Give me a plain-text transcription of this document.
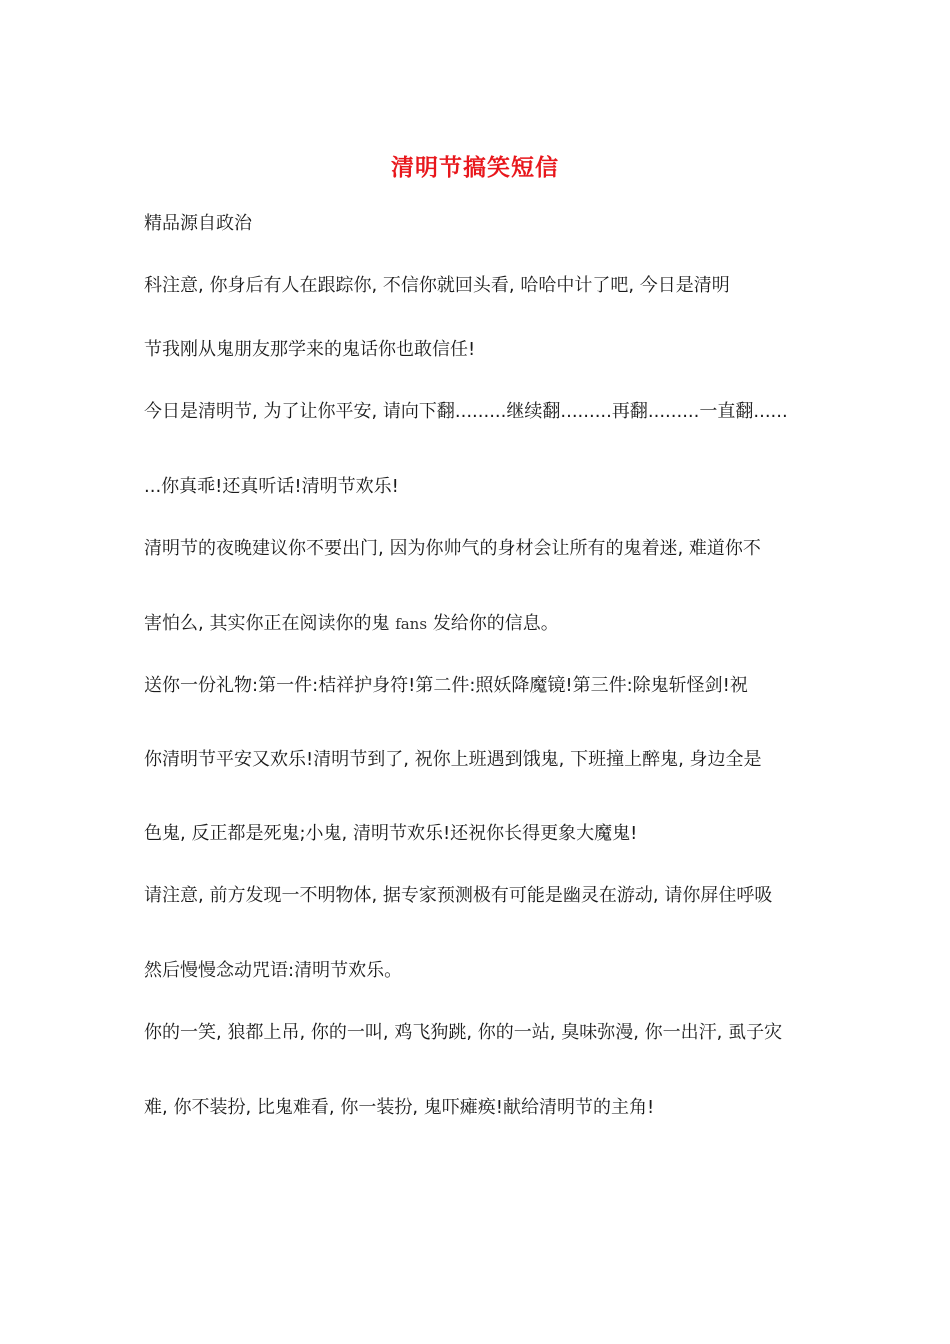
清明节搞笑短信
精品源自政治
科注意, 你身后有人在跟踪你, 不信你就回头看, 哈哈中计了吧, 今日是清明
节我刚从鬼朋友那学来的鬼话你也敢信任!
今日是清明节, 为了让你平安, 请向下翻.........继续翻.........再翻.........一直翻......
...你真乖!还真听话!清明节欢乐!
清明节的夜晚建议你不要出门, 因为你帅气的身材会让所有的鬼着迷, 难道你不
害怕么, 其实你正在阅读你的鬼 fans 发给你的信息。
送你一份礼物:第一件:桔祥护身符!第二件:照妖降魔镜!第三件:除鬼斩怪剑!祝
你清明节平安又欢乐!清明节到了, 祝你上班遇到饿鬼, 下班撞上醉鬼, 身边全是
色鬼, 反正都是死鬼;小鬼, 清明节欢乐!还祝你长得更象大魔鬼!
请注意, 前方发现一不明物体, 据专家预测极有可能是幽灵在游动, 请你屏住呼吸
然后慢慢念动咒语:清明节欢乐。
你的一笑, 狼都上吊, 你的一叫, 鸡飞狗跳, 你的一站, 臭味弥漫, 你一出汗, 虱子灾
难, 你不装扮, 比鬼难看, 你一装扮, 鬼吓瘫痪!献给清明节的主角!
